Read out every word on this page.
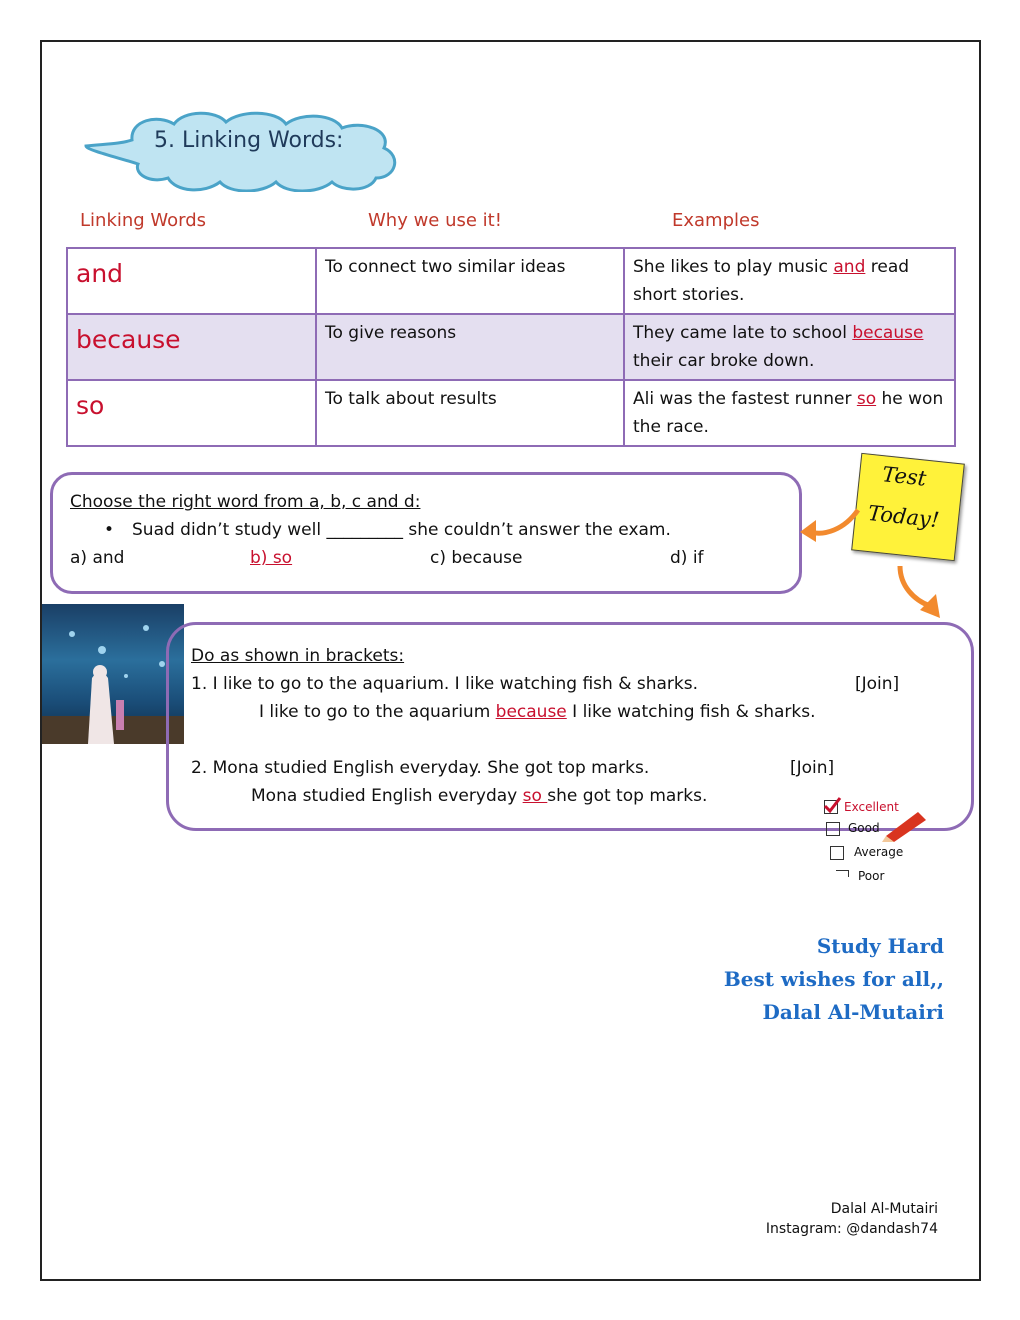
5. Linking Words:
Linking Words	Why we use it!	Examples
and	To connect two similar ideas	She likes to play music and read short stories.
because	To give reasons	They came late to school because their car broke down.
so	To talk about results	Ali was the fastest runner so he won the race.
Choose the right word from a, b, c and d:
• Suad didn’t study well _________ she couldn’t answer the exam.
a) and	b) so	c) because	d) if
Test
Today!
Do as shown in brackets:
1. I like to go to the aquarium. I like watching fish & sharks.	[Join]
I like to go to the aquarium because I like watching fish & sharks.
2. Mona studied English everyday. She got top marks.	[Join]
Mona studied English everyday so she got top marks.
Excellent
Good
Average
Poor
Study Hard
Best wishes for all,,
Dalal Al-Mutairi
Dalal Al-Mutairi
Instagram: @dandash74
